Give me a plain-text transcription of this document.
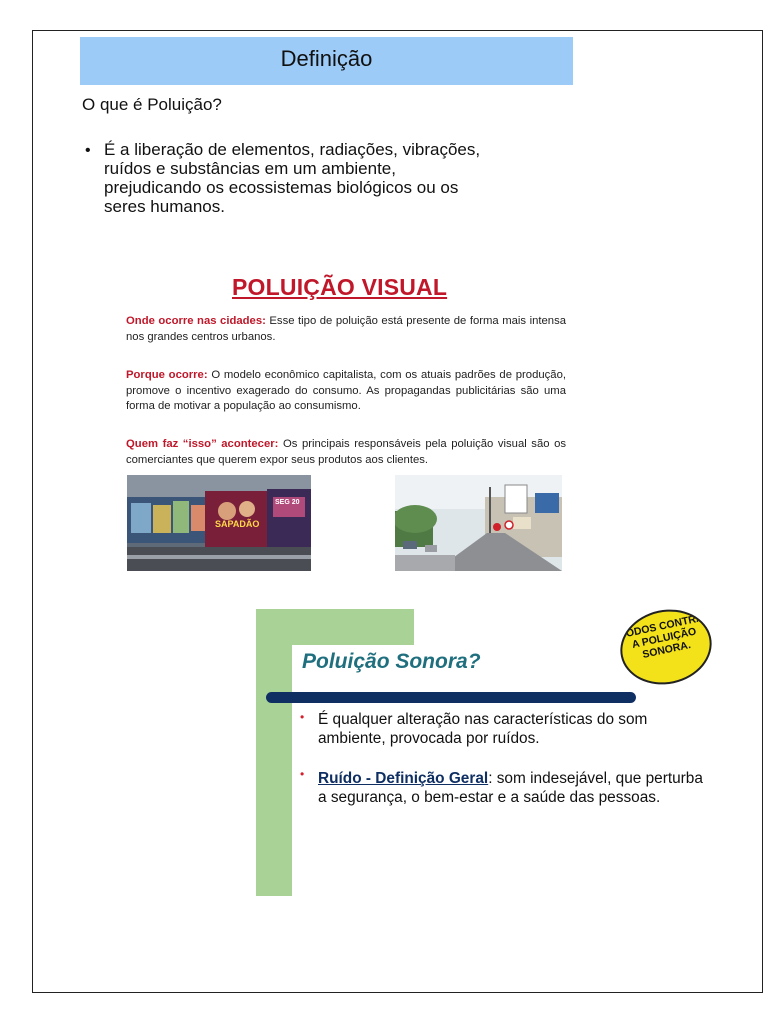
Definição
O que é Poluição?
• É a liberação de elementos, radiações, vibrações, ruídos e substâncias em um ambiente, prejudicando os ecossistemas biológicos ou os seres humanos.
POLUIÇÃO VISUAL
Onde ocorre nas cidades: Esse tipo de poluição está presente de forma mais intensa nos grandes centros urbanos.
Porque ocorre: O modelo econômico capitalista, com os atuais padrões de produção, promove o incentivo exagerado do consumo. As propagandas publicitárias são uma forma de motivar a população ao consumismo.
Quem faz “isso” acontecer: Os principais responsáveis pela poluição visual são os comerciantes que querem expor seus produtos aos clientes.
SAPADÃO
SEG 20
Poluição Sonora?
• É qualquer alteração nas características do som ambiente, provocada por ruídos.
• Ruído - Definição Geral: som indesejável, que perturba a segurança, o bem-estar e a saúde das pessoas.
TODOS CONTRA A POLUIÇÃO SONORA.
